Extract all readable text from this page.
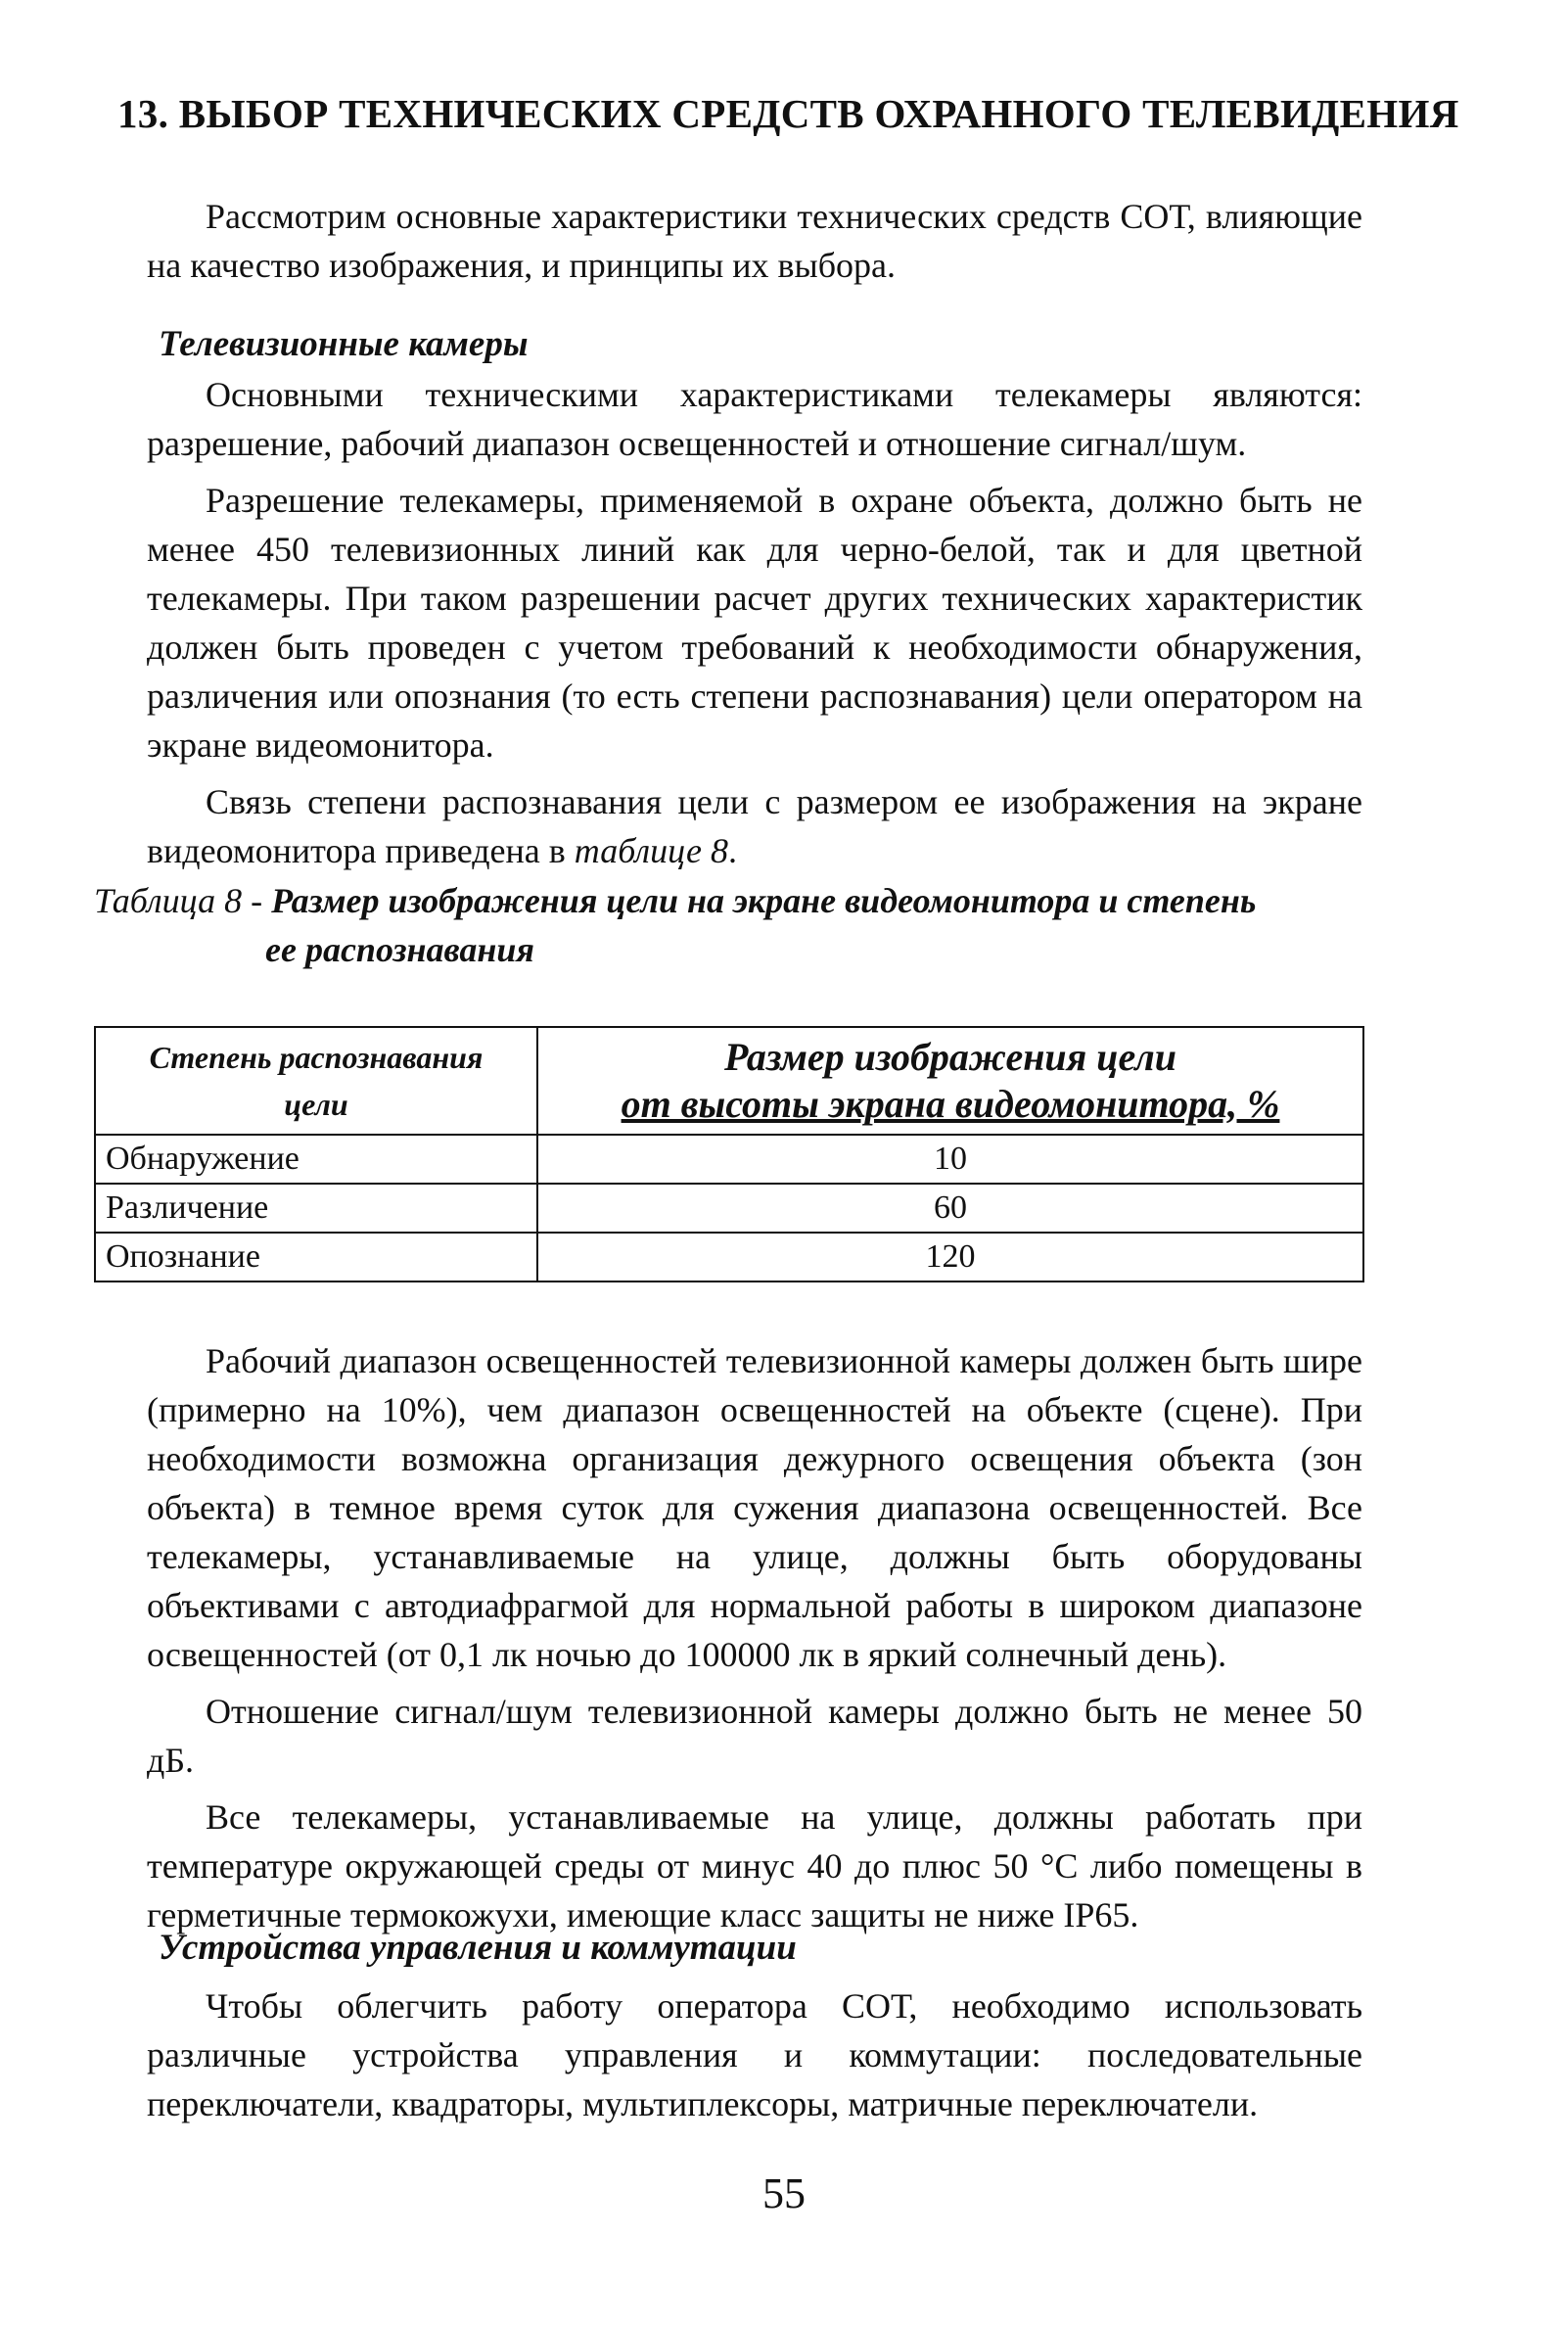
13. ВЫБОР ТЕХНИЧЕСКИХ СРЕДСТВ ОХРАННОГО ТЕЛЕВИДЕНИЯ

Рассмотрим основные характеристики технических средств СОТ, влияющие на качество изображения, и принципы их выбора.

Телевизионные камеры

Основными техническими характеристиками телекамеры являются: разрешение, рабочий диапазон освещенностей и отношение сигнал/шум.

Разрешение телекамеры, применяемой в охране объекта, должно быть не менее 450 телевизионных линий как для черно-белой, так и для цветной телекамеры. При таком разрешении расчет других технических характеристик должен быть проведен с учетом требований к необходимости обнаружения, различения или опознания (то есть степени распознавания) цели оператором на экране видеомонитора.

Связь степени распознавания цели с размером ее изображения на экране видеомонитора приведена в таблице 8.

Таблица 8 - Размер изображения цели на экране видеомонитора и степень
ее распознавания
Степень распознавания
цели	Размер изображения цели
от высоты экрана видеомонитора, %
Обнаружение	10
Различение	60
Опознание	120

Рабочий диапазон освещенностей телевизионной камеры должен быть шире (примерно на 10%), чем диапазон освещенностей на объекте (сцене). При необходимости возможна организация дежурного освещения объекта (зон объекта) в темное время суток для сужения диапазона освещенностей. Все телекамеры, устанавливаемые на улице, должны быть оборудованы объективами с автодиафрагмой для нормальной работы в широком диапазоне освещенностей (от 0,1 лк ночью до 100000 лк в яркий солнечный день).

Отношение сигнал/шум телевизионной камеры должно быть не менее 50 дБ.

Все телекамеры, устанавливаемые на улице, должны работать при температуре окружающей среды от минус 40 до плюс 50 °С либо помещены в герметичные термокожухи, имеющие класс защиты не ниже IP65.

Устройства управления и коммутации

Чтобы облегчить работу оператора СОТ, необходимо использовать различные устройства управления и коммутации: последовательные переключатели, квадраторы, мультиплексоры, матричные переключатели.

55
